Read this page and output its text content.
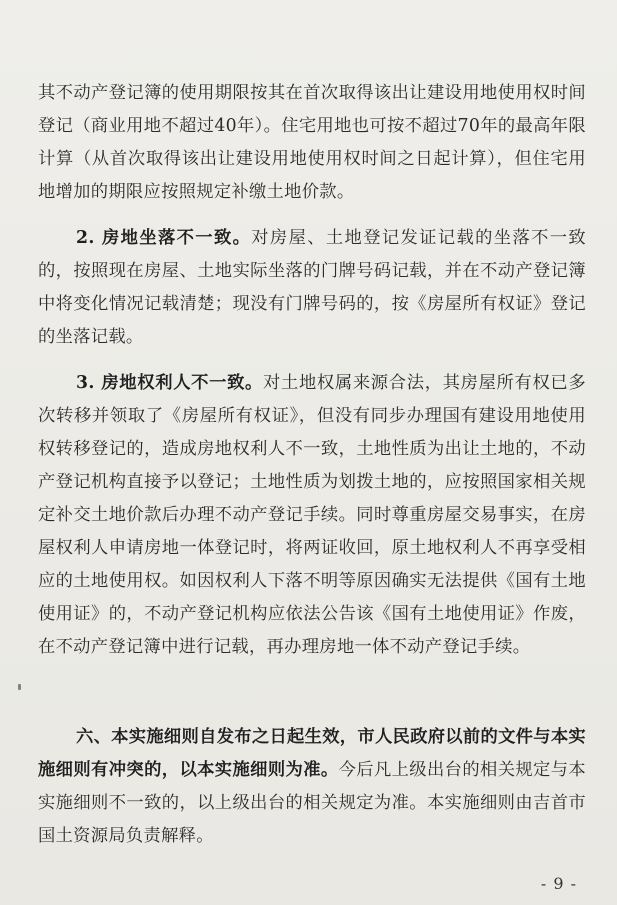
其不动产登记簿的使用期限按其在首次取得该出让建设用地使用权时间登记（商业用地不超过40年）。住宅用地也可按不超过70年的最高年限计算（从首次取得该出让建设用地使用权时间之日起计算），但住宅用地增加的期限应按照规定补缴土地价款。

2. 房地坐落不一致。对房屋、土地登记发证记载的坐落不一致的，按照现在房屋、土地实际坐落的门牌号码记载，并在不动产登记簿中将变化情况记载清楚；现没有门牌号码的，按《房屋所有权证》登记的坐落记载。

3. 房地权利人不一致。对土地权属来源合法，其房屋所有权已多次转移并领取了《房屋所有权证》，但没有同步办理国有建设用地使用权转移登记的，造成房地权利人不一致，土地性质为出让土地的，不动产登记机构直接予以登记；土地性质为划拨土地的，应按照国家相关规定补交土地价款后办理不动产登记手续。同时尊重房屋交易事实，在房屋权利人申请房地一体登记时，将两证收回，原土地权利人不再享受相应的土地使用权。如因权利人下落不明等原因确实无法提供《国有土地使用证》的，不动产登记机构应依法公告该《国有土地使用证》作废，在不动产登记簿中进行记载，再办理房地一体不动产登记手续。

六、本实施细则自发布之日起生效，市人民政府以前的文件与本实施细则有冲突的，以本实施细则为准。今后凡上级出台的相关规定与本实施细则不一致的，以上级出台的相关规定为准。本实施细则由吉首市国土资源局负责解释。

- 9 -
